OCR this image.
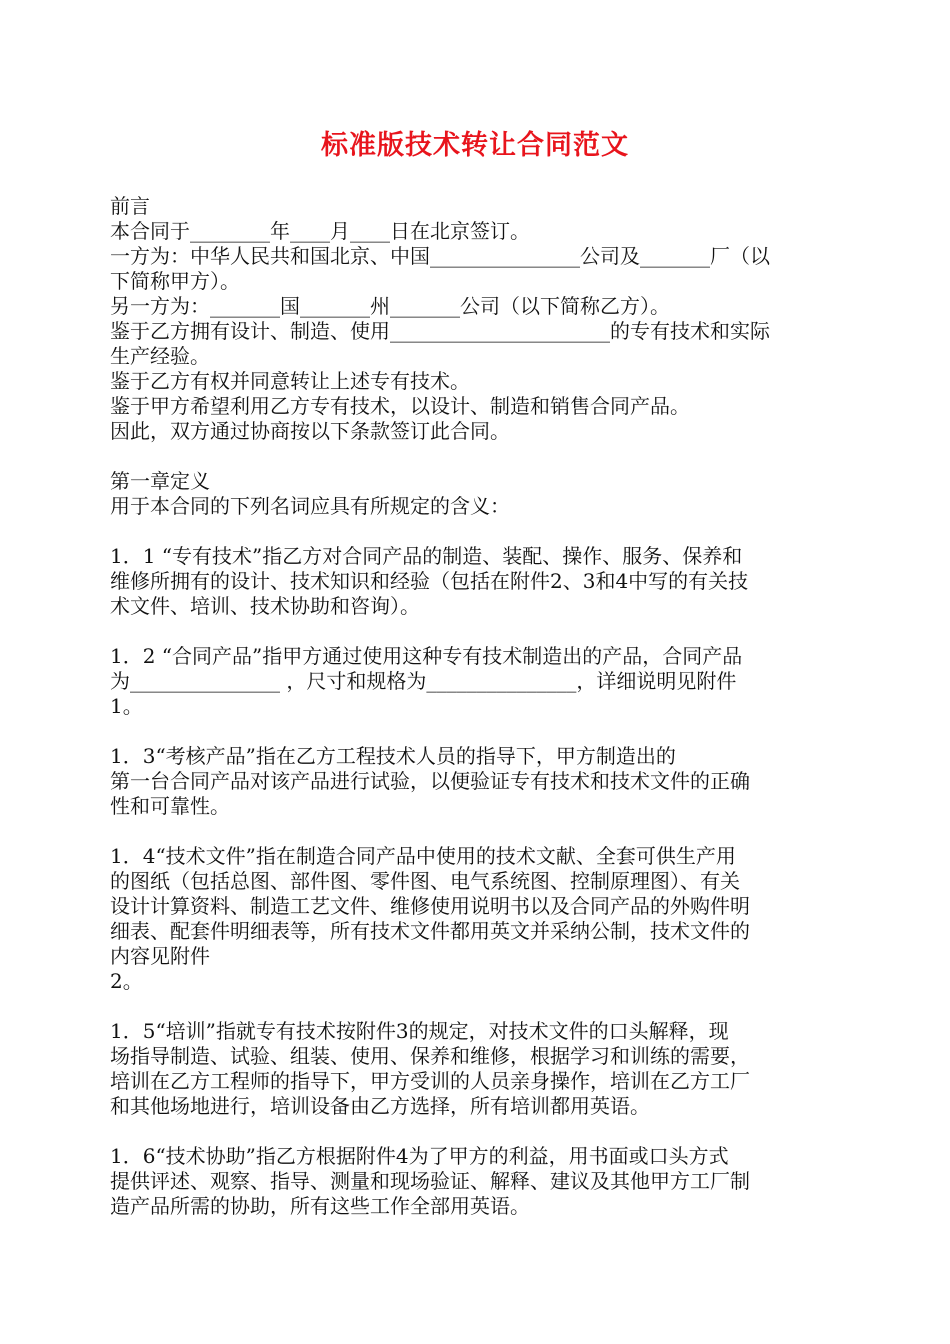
标准版技术转让合同范文
前言
本合同于________年____月____日在北京签订。
一方为：中华人民共和国北京、中国_______________公司及_______厂（以
下简称甲方）。
另一方为：_______国_______州_______公司（以下简称乙方）。
鉴于乙方拥有设计、制造、使用______________________的专有技术和实际
生产经验。
鉴于乙方有权并同意转让上述专有技术。
鉴于甲方希望利用乙方专有技术，以设计、制造和销售合同产品。
因此，双方通过协商按以下条款签订此合同。
第一章定义
用于本合同的下列名词应具有所规定的含义：
1．1 “专有技术”指乙方对合同产品的制造、装配、操作、服务、保养和
维修所拥有的设计、技术知识和经验（包括在附件2、3和4中写的有关技
术文件、培训、技术协助和咨询）。
1．2 “合同产品”指甲方通过使用这种专有技术制造出的产品，合同产品
为_______________ ，尺寸和规格为_______________，详细说明见附件
1。
1．3“考核产品”指在乙方工程技术人员的指导下，甲方制造出的
第一台合同产品对该产品进行试验，以便验证专有技术和技术文件的正确
性和可靠性。
1．4“技术文件”指在制造合同产品中使用的技术文献、全套可供生产用
的图纸（包括总图、部件图、零件图、电气系统图、控制原理图）、有关
设计计算资料、制造工艺文件、维修使用说明书以及合同产品的外购件明
细表、配套件明细表等，所有技术文件都用英文并采纳公制，技术文件的
内容见附件
2。
1．5“培训”指就专有技术按附件3的规定，对技术文件的口头解释，现
场指导制造、试验、组装、使用、保养和维修，根据学习和训练的需要，
培训在乙方工程师的指导下，甲方受训的人员亲身操作，培训在乙方工厂
和其他场地进行，培训设备由乙方选择，所有培训都用英语。
1．6“技术协助”指乙方根据附件4为了甲方的利益，用书面或口头方式
提供评述、观察、指导、测量和现场验证、解释、建议及其他甲方工厂制
造产品所需的协助，所有这些工作全部用英语。
